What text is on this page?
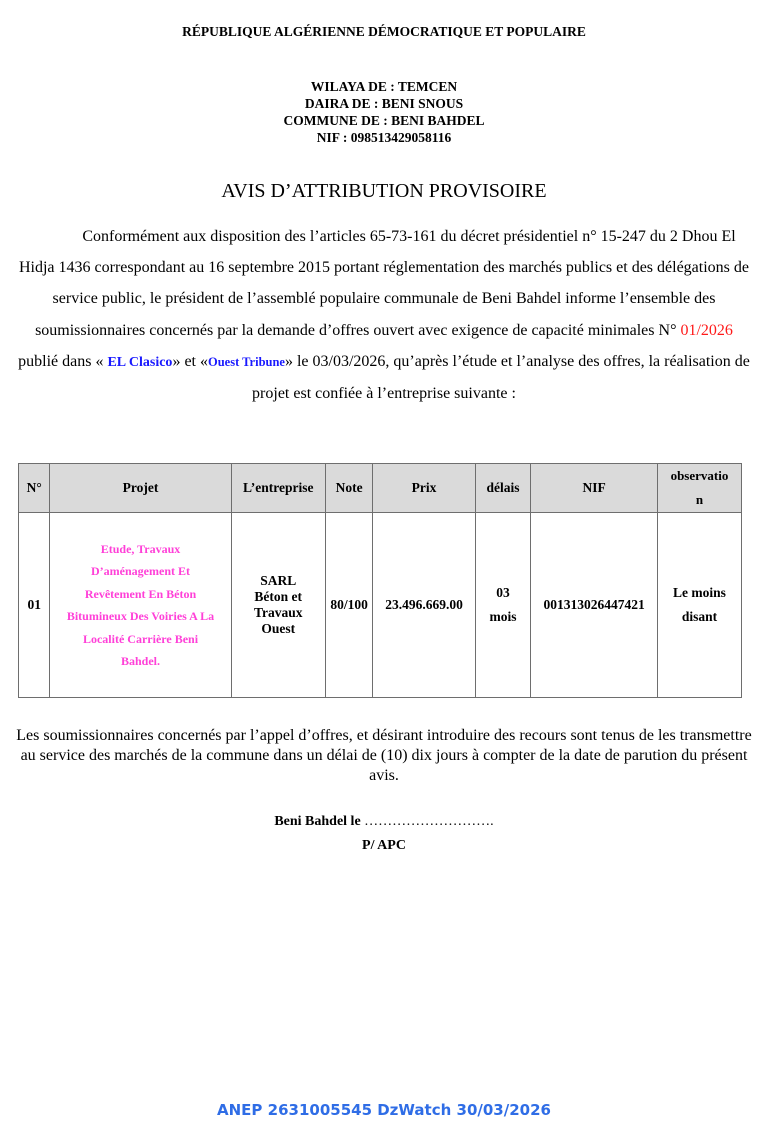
RÉPUBLIQUE ALGÉRIENNE DÉMOCRATIQUE ET POPULAIRE
WILAYA DE : TEMCEN
DAIRA DE : BENI SNOUS
COMMUNE DE : BENI BAHDEL
NIF : 098513429058116
AVIS D’ATTRIBUTION PROVISOIRE
Conformément aux disposition des l’articles 65-73-161 du décret présidentiel n° 15-247 du 2 Dhou El Hidja 1436 correspondant au 16 septembre 2015 portant réglementation des marchés publics et des délégations de service public, le président de l’assemblé populaire communale de Beni Bahdel informe l’ensemble des soumissionnaires concernés par la demande d’offres ouvert avec exigence de capacité minimales N° 01/2026 publié dans « EL Clasico» et «Ouest Tribune» le 03/03/2026, qu’après l’étude et l’analyse des offres, la réalisation de projet est confiée à l’entreprise suivante :
N°	Projet	L’entreprise	Note	Prix	délais	NIF	observatio
n
01	Etude, Travaux
D’aménagement Et
Revêtement En Béton
Bitumineux Des Voiries A La
Localité Carrière Beni
Bahdel.	SARL
Béton et
Travaux
Ouest	80/100	23.496.669.00	03
mois	001313026447421	Le moins
disant
Les soumissionnaires concernés par l’appel d’offres, et désirant introduire des recours sont tenus de les transmettre au service des marchés de la commune dans un délai de (10) dix jours à compter de la date de parution du présent avis.
Beni Bahdel le ……………………….
P/ APC
ANEP 2631005545 DzWatch 30/03/2026
